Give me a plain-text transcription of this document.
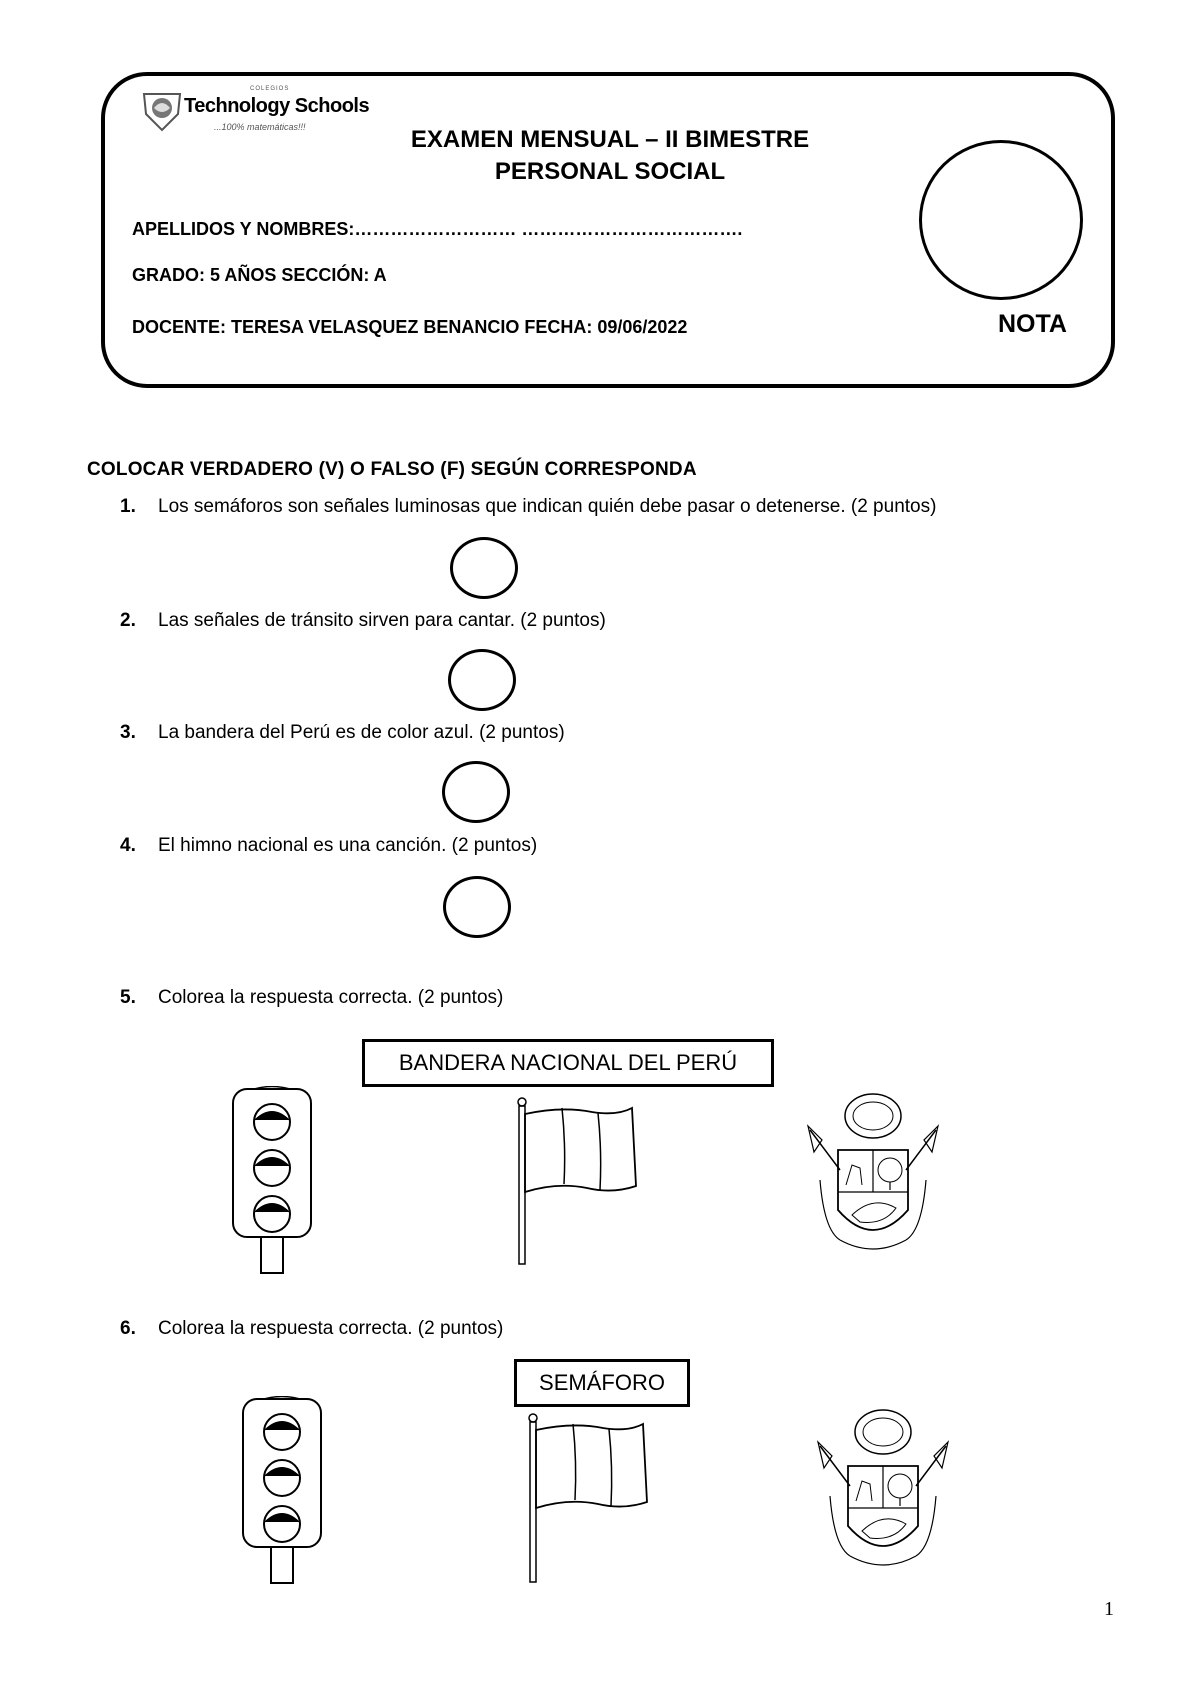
COLEGIOS
Technology Schools
...100% matemáticas!!!	EXAMEN MENSUAL – II BIMESTRE
PERSONAL SOCIAL
APELLIDOS Y NOMBRES:……………………… ……………………………….
GRADO: 5 AÑOS SECCIÓN: A
DOCENTE: TERESA VELASQUEZ BENANCIO FECHA: 09/06/2022	NOTA
COLOCAR VERDADERO (V) O FALSO (F) SEGÚN CORRESPONDA
1. Los semáforos son señales luminosas que indican quién debe pasar o detenerse. (2 puntos)
2. Las señales de tránsito sirven para cantar. (2 puntos)
3. La bandera del Perú es de color azul. (2 puntos)
4. El himno nacional es una canción. (2 puntos)
5. Colorea la respuesta correcta. (2 puntos)
BANDERA NACIONAL DEL PERÚ
6. Colorea la respuesta correcta. (2 puntos)
SEMÁFORO
1
